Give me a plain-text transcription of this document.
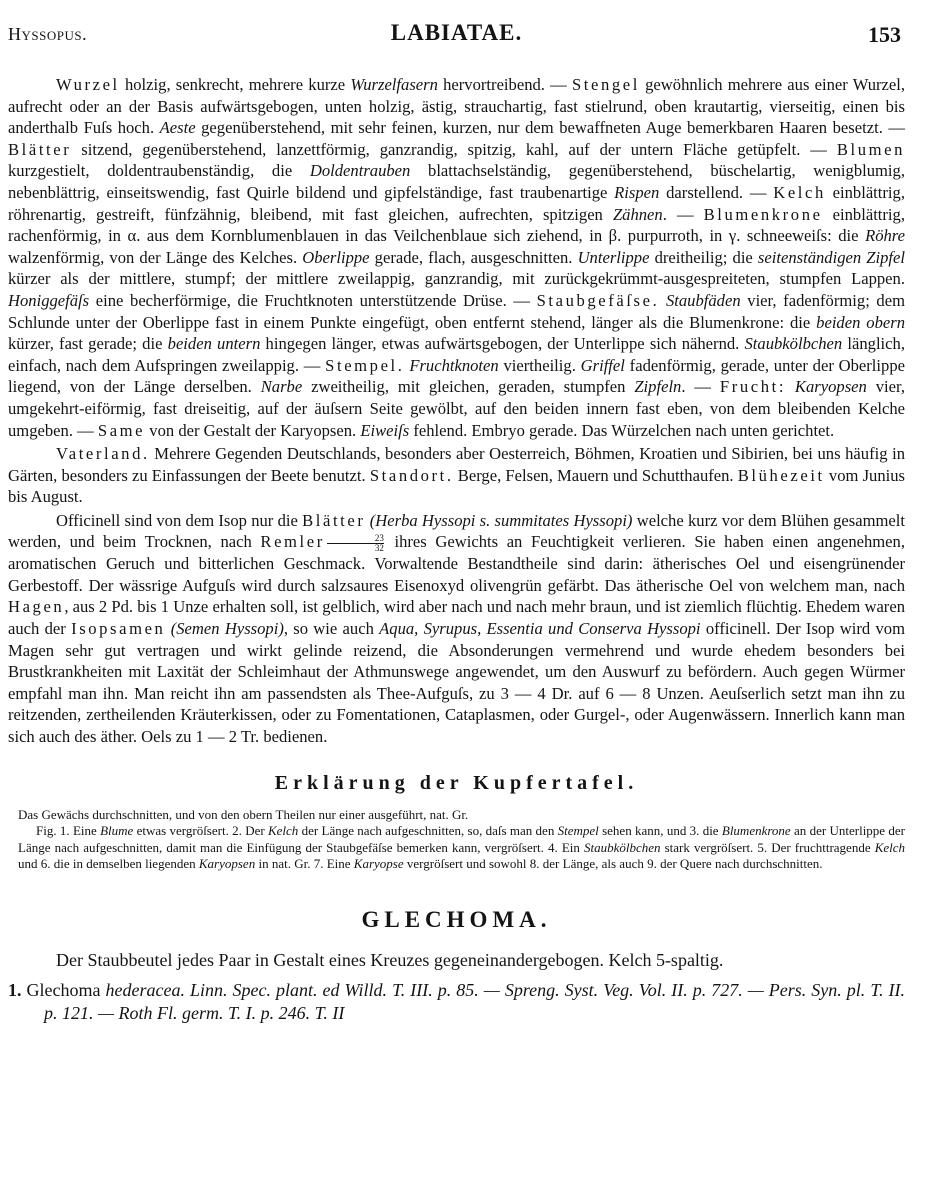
Hyssopus.	LABIATAE.	153

Wurzel holzig, senkrecht, mehrere kurze Wurzelfasern hervortreibend. — Stengel gewöhnlich mehrere aus einer Wurzel, aufrecht oder an der Basis aufwärtsgebogen, unten holzig, ästig, strauchartig, fast stielrund, oben krautartig, vierseitig, einen bis anderthalb Fuſs hoch. Aeste gegenüberstehend, mit sehr feinen, kurzen, nur dem bewaffneten Auge bemerkbaren Haaren besetzt. — Blätter sitzend, gegenüberstehend, lanzettförmig, ganzrandig, spitzig, kahl, auf der untern Fläche getüpfelt. — Blumen kurzgestielt, doldentraubenständig, die Doldentrauben blattachselständig, gegenüberstehend, büschelartig, wenigblumig, nebenblättrig, einseitswendig, fast Quirle bildend und gipfelständige, fast traubenartige Rispen darstellend. — Kelch einblättrig, röhrenartig, gestreift, fünfzähnig, bleibend, mit fast gleichen, aufrechten, spitzigen Zähnen. — Blumenkrone einblättrig, rachenförmig, in α. aus dem Kornblumenblauen in das Veilchenblaue sich ziehend, in β. purpurroth, in γ. schneeweiſs: die Röhre walzenförmig, von der Länge des Kelches. Oberlippe gerade, flach, ausgeschnitten. Unterlippe dreitheilig; die seitenständigen Zipfel kürzer als der mittlere, stumpf; der mittlere zweilappig, ganzrandig, mit zurückgekrümmt-ausgespreiteten, stumpfen Lappen. Honiggefäſs eine becherförmige, die Fruchtknoten unterstützende Drüse. — Staubgefäſse. Staubfäden vier, fadenförmig; dem Schlunde unter der Oberlippe fast in einem Punkte eingefügt, oben entfernt stehend, länger als die Blumenkrone: die beiden obern kürzer, fast gerade; die beiden untern hingegen länger, etwas aufwärtsgebogen, der Unterlippe sich nähernd. Staubkölbchen länglich, einfach, nach dem Aufspringen zweilappig. — Stempel. Fruchtknoten viertheilig. Griffel fadenförmig, gerade, unter der Oberlippe liegend, von der Länge derselben. Narbe zweitheilig, mit gleichen, geraden, stumpfen Zipfeln. — Frucht: Karyopsen vier, umgekehrt-eiförmig, fast dreiseitig, auf der äuſsern Seite gewölbt, auf den beiden innern fast eben, von dem bleibenden Kelche umgeben. — Same von der Gestalt der Karyopsen. Eiweiſs fehlend. Embryo gerade. Das Würzelchen nach unten gerichtet.

Vaterland. Mehrere Gegenden Deutschlands, besonders aber Oesterreich, Böhmen, Kroatien und Sibirien, bei uns häufig in Gärten, besonders zu Einfassungen der Beete benutzt. Standort. Berge, Felsen, Mauern und Schutthaufen. Blühezeit vom Junius bis August.

Officinell sind von dem Isop nur die Blätter (Herba Hyssopi s. summitates Hyssopi) welche kurz vor dem Blühen gesammelt werden, und beim Trocknen, nach Remler $\frac{23}{32}$ ihres Gewichts an Feuchtigkeit verlieren. Sie haben einen angenehmen, aromatischen Geruch und bitterlichen Geschmack. Vorwaltende Bestandtheile sind darin: ätherisches Oel und eisengrünender Gerbestoff. Der wässrige Aufguſs wird durch salzsaures Eisenoxyd olivengrün gefärbt. Das ätherische Oel von welchem man, nach Hagen, aus 2 Pd. bis 1 Unze erhalten soll, ist gelblich, wird aber nach und nach mehr braun, und ist ziemlich flüchtig. Ehedem waren auch der Isopsamen (Semen Hyssopi), so wie auch Aqua, Syrupus, Essentia und Conserva Hyssopi officinell. Der Isop wird vom Magen sehr gut vertragen und wirkt gelinde reizend, die Absonderungen vermehrend und wurde ehedem besonders bei Brustkrankheiten mit Laxität der Schleimhaut der Athmunswege angewendet, um den Auswurf zu befördern. Auch gegen Würmer empfahl man ihn. Man reicht ihn am passendsten als Thee-Aufguſs, zu 3 — 4 Dr. auf 6 — 8 Unzen. Aeuſserlich setzt man ihn zu reitzenden, zertheilenden Kräuterkissen, oder zu Fomentationen, Cataplasmen, oder Gurgel-, oder Augenwässern. Innerlich kann man sich auch des äther. Oels zu 1 — 2 Tr. bedienen.

Erklärung der Kupfertafel.

Das Gewächs durchschnitten, und von den obern Theilen nur einer ausgeführt, nat. Gr.

Fig. 1. Eine Blume etwas vergröſsert. 2. Der Kelch der Länge nach aufgeschnitten, so, daſs man den Stempel sehen kann, und 3. die Blumenkrone an der Unterlippe der Länge nach aufgeschnitten, damit man die Einfügung der Staubgefäſse bemerken kann, vergröſsert. 4. Ein Staubkölbchen stark vergröſsert. 5. Der fruchttragende Kelch und 6. die in demselben liegenden Karyopsen in nat. Gr. 7. Eine Karyopse vergröſsert und sowohl 8. der Länge, als auch 9. der Quere nach durchschnitten.

GLECHOMA.

Der Staubbeutel jedes Paar in Gestalt eines Kreuzes gegeneinandergebogen. Kelch 5-spaltig.

1. Glechoma hederacea. Linn. Spec. plant. ed Willd. T. III. p. 85. — Spreng. Syst. Veg. Vol. II. p. 727. — Pers. Syn. pl. T. II. p. 121. — Roth Fl. germ. T. I. p. 246. T. II
